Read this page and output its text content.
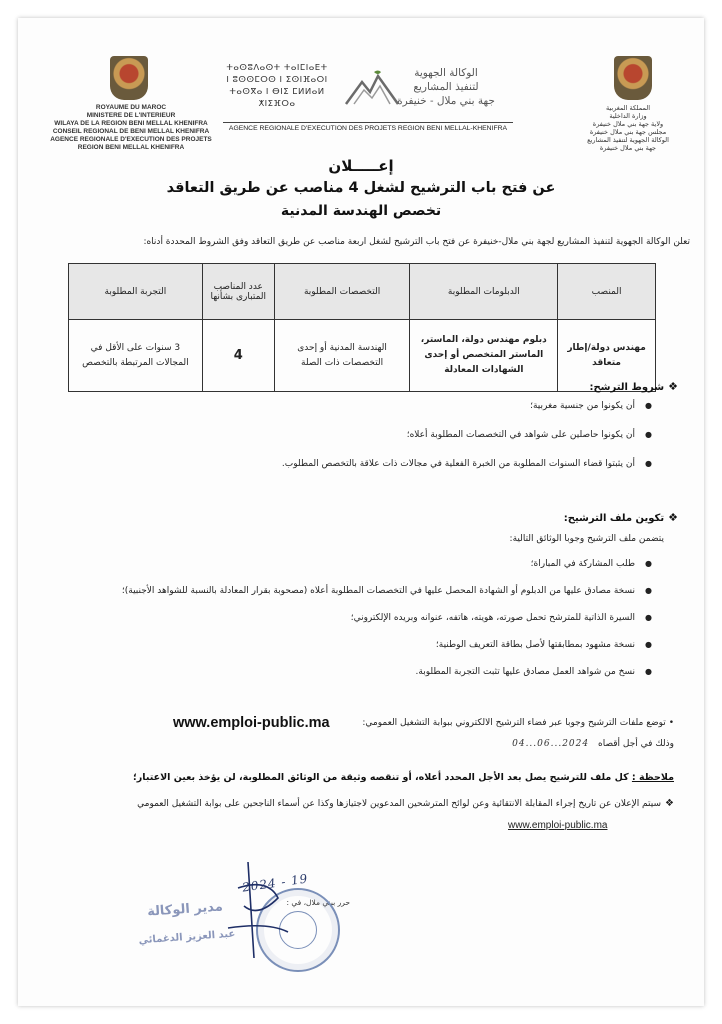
ROYAUME DU MAROC
MINISTERE DE L'INTERIEUR
WILAYA DE LA REGION BENI MELLAL KHENIFRA
CONSEIL REGIONAL DE BENI MELLAL KHENIFRA
AGENCE REGIONALE D'EXECUTION DES PROJETS
REGION BENI MELLAL KHENIFRA
ⵜⴰⵙⵓⴷⴰⵙⵜ ⵜⴰⵏⵎⵏⴰⴹⵜ
ⵏ ⵓⵙⵙⵎⵔⵙ ⵏ ⵉⵙⵏⴼⴰⵔⵏ
ⵜⴰⵙⴳⴰ ⵏ ⴱⵏⵉ ⵎⵍⵍⴰⵍ ⵅⵏⵉⴼⵔⴰ
الوكالة الجهوية
لتنفيذ المشاريع
جهة بني ملال - خنيفرة
AGENCE REGIONALE D'EXECUTION DES PROJETS REGION BENI MELLAL-KHENIFRA
المملكة المغربية
وزارة الداخلية
ولاية جهة بني ملال خنيفرة
مجلس جهة بني ملال خنيفرة
الوكالة الجهوية لتنفيذ المشاريع
جهة بني ملال خنيفرة
إعـــــلان
عن فتح باب الترشيح لشغل 4 مناصب عن طريق التعاقد
تخصص الهندسة المدنية
تعلن الوكالة الجهوية لتنفيذ المشاريع لجهة بني ملال-خنيفرة عن فتح باب الترشيح لشغل اربعة مناصب عن طريق التعاقد وفق الشروط المحددة أدناه:
المنصب	الدبلومات المطلوبة	التخصصات المطلوبة	عدد المناصب المتبارى بشأنها	التجربة المطلوبة
مهندس دولة/إطار متعاقد	دبلوم مهندس دولة، الماستر، الماستر المتخصص أو إحدى الشهادات المعادلة	الهندسة المدنية أو إحدى التخصصات ذات الصلة	4	3 سنوات على الأقل في المجالات المرتبطة بالتخصص
❖شروط الترشح:
●أن يكونوا من جنسية مغربية؛
●أن يكونوا حاصلين على شواهد في التخصصات المطلوبة أعلاه؛
●أن يثبتوا قضاء السنوات المطلوبة من الخبرة الفعلية في مجالات ذات علاقة بالتخصص المطلوب.
❖تكوين ملف الترشيح:
يتضمن ملف الترشيح وجوبا الوثائق التالية:
●طلب المشاركة في المباراة؛
●نسخة مصادق عليها من الدبلوم أو الشهادة المحصل عليها في التخصصات المطلوبة أعلاه (مصحوبة بقرار المعادلة بالنسبة للشواهد الأجنبية)؛
●السيرة الذاتية للمترشح تحمل صورته، هويته، هاتفه، عنوانه وبريده الإلكتروني؛
●نسخة مشهود بمطابقتها لأصل بطاقة التعريف الوطنية؛
●نسخ من شواهد العمل مصادق عليها تثبت التجربة المطلوبة.
• توضع ملفات الترشيح وجوبا عبر فضاء الترشيح الالكتروني ببوابة التشغيل العمومي:
www.emploi-public.ma
وذلك في أجل أقصاه 2024...06...04
ملاحظة : كل ملف للترشيح يصل بعد الأجل المحدد أعلاه، أو تنقصه وثيقة من الوثائق المطلوبة، لن يؤخذ بعين الاعتبار؛
❖سيتم الإعلان عن تاريخ إجراء المقابلة الانتقائية وعن لوائح المترشحين المدعوين لاجتيازها وكذا عن أسماء الناجحين على بوابة التشغيل العمومي
www.emploi-public.ma
حرر ببني ملال، في :
2024 - 19
مدير الوكالة
عبد العزيز الدغمائي
